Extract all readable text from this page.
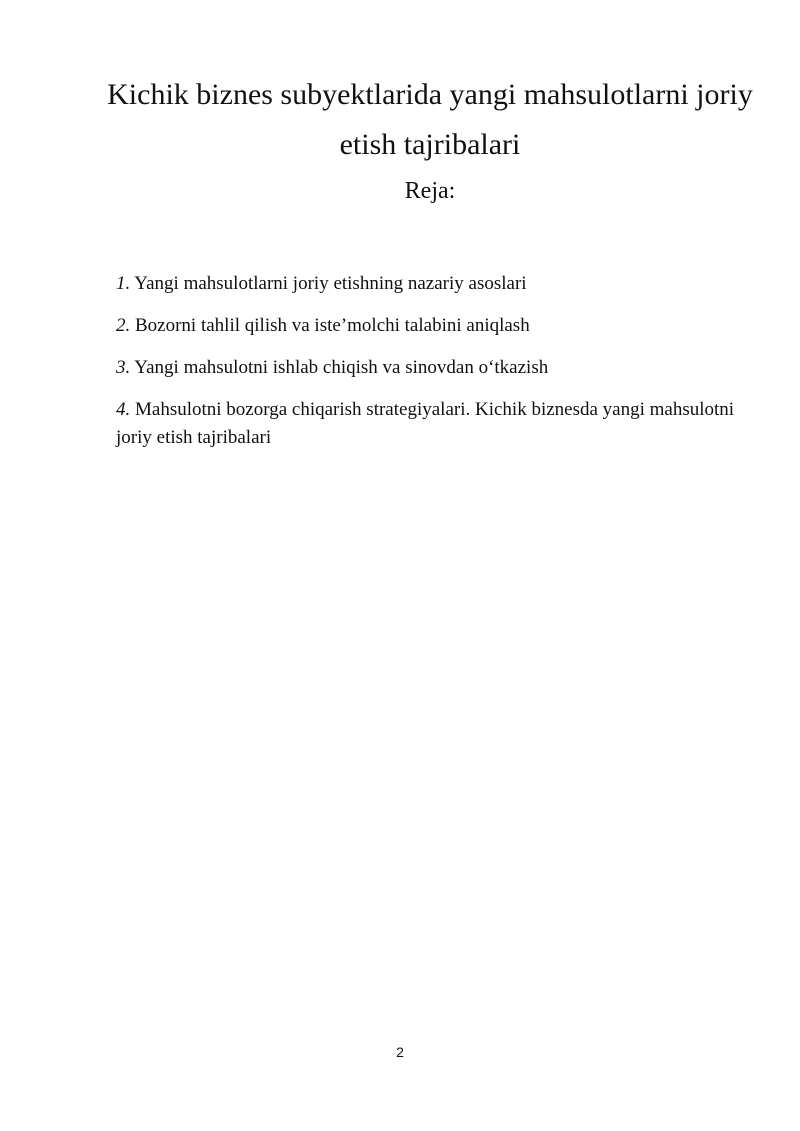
Kichik biznes subyektlarida yangi mahsulotlarni joriy
etish tajribalari
Reja:
1. Yangi mahsulotlarni joriy etishning nazariy asoslari
2. Bozorni tahlil qilish va iste’molchi talabini aniqlash
3. Yangi mahsulotni ishlab chiqish va sinovdan o‘tkazish
4. Mahsulotni bozorga chiqarish strategiyalari. Kichik biznesda yangi mahsulotni joriy etish tajribalari
2
